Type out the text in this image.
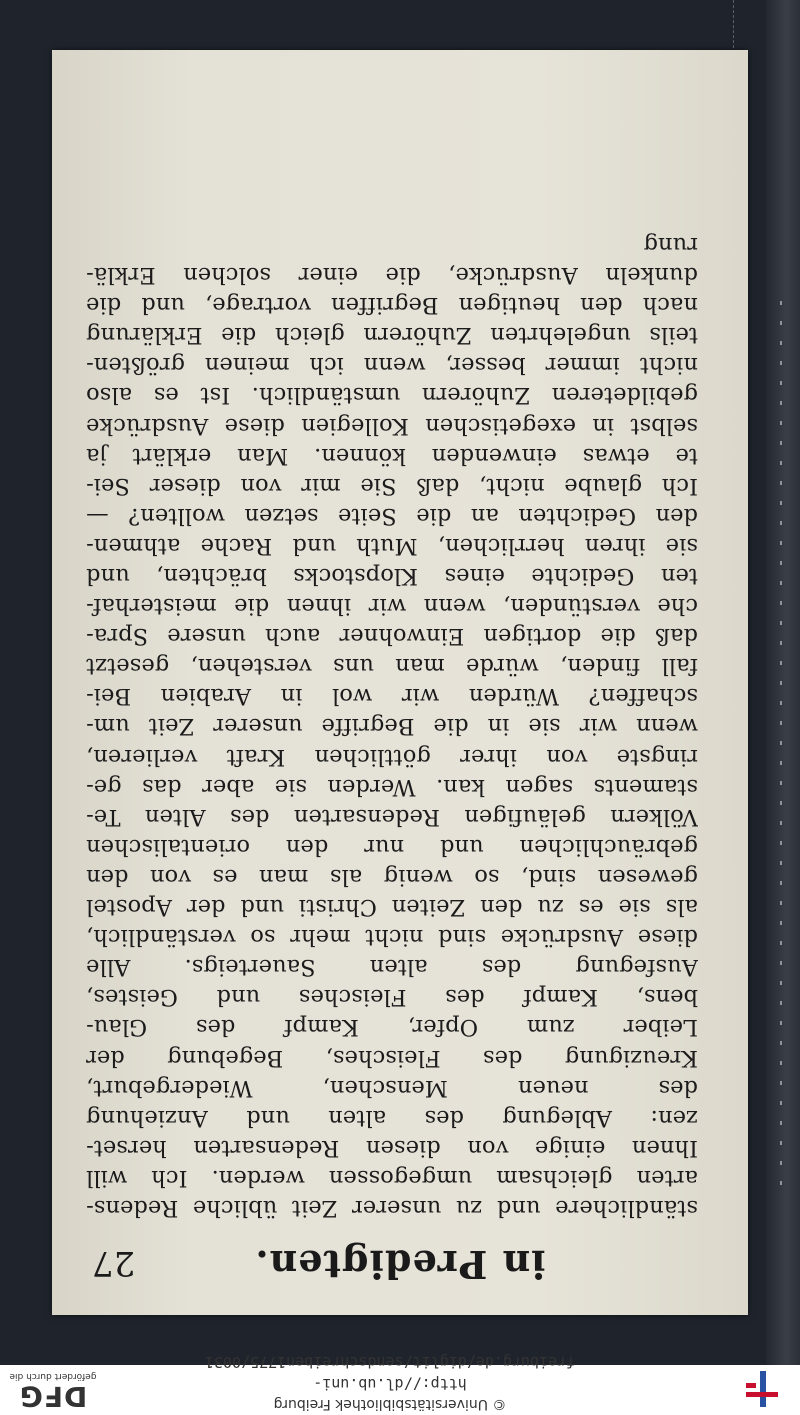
© Universitätsbibliothek Freiburg
http://dl.ub.uni-freiburg.de/diglit/sendschreiben1775/0031
DFG
gefördert durch die
in Predigten.
27
ständlichere und zu unserer Zeit übliche Redens-
arten gleichsam umgegossen werden. Ich will
Ihnen einige von diesen Redensarten herset-
zen: Ablegung des alten und Anziehung
des neuen Menschen, Wiedergeburt,
Kreuzigung des Fleisches, Begebung der
Leiber zum Opfer, Kampf des Glau-
bens, Kampf des Fleisches und Geistes,
Ausfegung des alten Sauerteigs. Alle
diese Ausdrücke sind nicht mehr so verständlich,
als sie es zu den Zeiten Christi und der Apostel
gewesen sind, so wenig als man es von den
gebräuchlichen und nur den orientalischen
Völkern geläufigen Redensarten des Alten Te-
staments sagen kan. Werden sie aber das ge-
ringste von ihrer göttlichen Kraft verlieren,
wenn wir sie in die Begriffe unserer Zeit um-
schaffen? Würden wir wol in Arabien Bei-
fall finden, würde man uns verstehen, gesetzt
daß die dortigen Einwohner auch unsere Spra-
che verstünden, wenn wir ihnen die meisterhaf-
ten Gedichte eines Klopstocks brächten, und
sie ihren herrlichen, Muth und Rache athmen-
den Gedichten an die Seite setzen wollten? —
Ich glaube nicht, daß Sie mir von dieser Sei-
te etwas einwenden können. Man erklärt ja
selbst in exegetischen Kollegien diese Ausdrücke
gebildeteren Zuhörern umständlich. Ist es also
nicht immer besser, wenn ich meinen größten-
teils ungelehrten Zuhörern gleich die Erklärung
nach den heutigen Begriffen vortrage, und die
dunkeln Ausdrücke, die einer solchen Erklä-
rung
